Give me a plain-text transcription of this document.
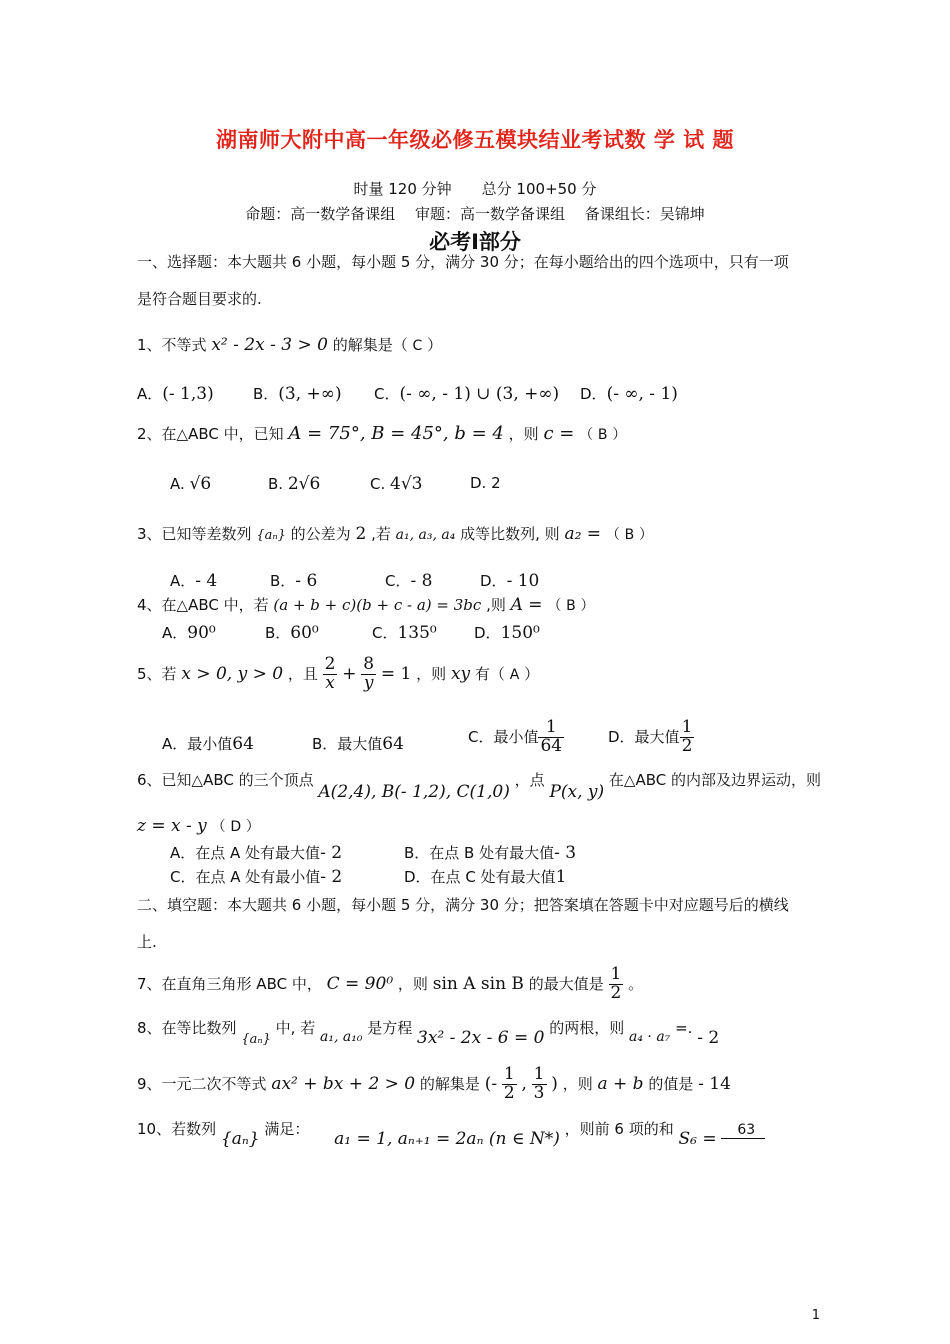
湖南师大附中高一年级必修五模块结业考试数 学 试 题
时量 120 分钟　　总分 100+50 分
命题：高一数学备课组　 审题：高一数学备课组　 备课组长：吴锦坤
必考Ⅰ部分
一、选择题：本大题共 6 小题，每小题 5 分，满分 30 分；在每小题给出的四个选项中，只有一项
是符合题目要求的.
1、不等式 x² - 2x - 3 > 0 的解集是（ C ）
A．(- 1,3)	B．(3, +∞) C．(- ∞, - 1) ∪ (3, +∞) D．(- ∞, - 1)
2、在△ABC 中，已知 A = 75°, B = 45°, b = 4 ，则 c = （ B ）
A. √6	B. 2√6	C. 4√3	D. 2
3、已知等差数列 {aₙ} 的公差为 2 ,若 a₁, a₃, a₄ 成等比数列, 则 a₂ = （ B ）
A．- 4	B．- 6	C．- 8	D．- 10
4、在△ABC 中，若 (a + b + c)(b + c - a) = 3bc ,则 A = （ B ）
A．90⁰	B．60⁰	C．135⁰ D．150⁰
5、若 x > 0, y > 0 ，且 $\frac{2}{x} + \frac{8}{y} = 1$ ，则 xy 有（ A ）
A．最小值64	B．最大值64	C．最小值 $\frac{1}{64}$	D．最大值 $\frac{1}{2}$
6、已知△ABC 的三个顶点 A(2,4), B(- 1,2), C(1,0) ，点 P(x, y) 在△ABC 的内部及边界运动，则
z = x - y （ D ）
A．在点 A 处有最大值- 2	B．在点 B 处有最大值- 3
C．在点 A 处有最小值- 2	D．在点 C 处有最大值1
二、填空题：本大题共 6 小题，每小题 5 分，满分 30 分；把答案填在答题卡中对应题号后的横线
上.
7、在直角三角形 ABC 中， C = 90⁰ ，则 sin A sin B 的最大值是 $\frac{1}{2}$ 。
8、在等比数列 {aₙ} 中, 若 a₁, a₁₀ 是方程 3x² - 2x - 6 = 0 的两根，则 a₄ · a₇ =. - 2
9、一元二次不等式 ax² + bx + 2 > 0 的解集是 (- $\frac{1}{2}$ , $\frac{1}{3}$ ) ，则 a + b 的值是 - 14
10、若数列 {aₙ} 满足： a₁ = 1, aₙ₊₁ = 2aₙ (n ∈ N*) ，则前 6 项的和 S₆ = 63
1
